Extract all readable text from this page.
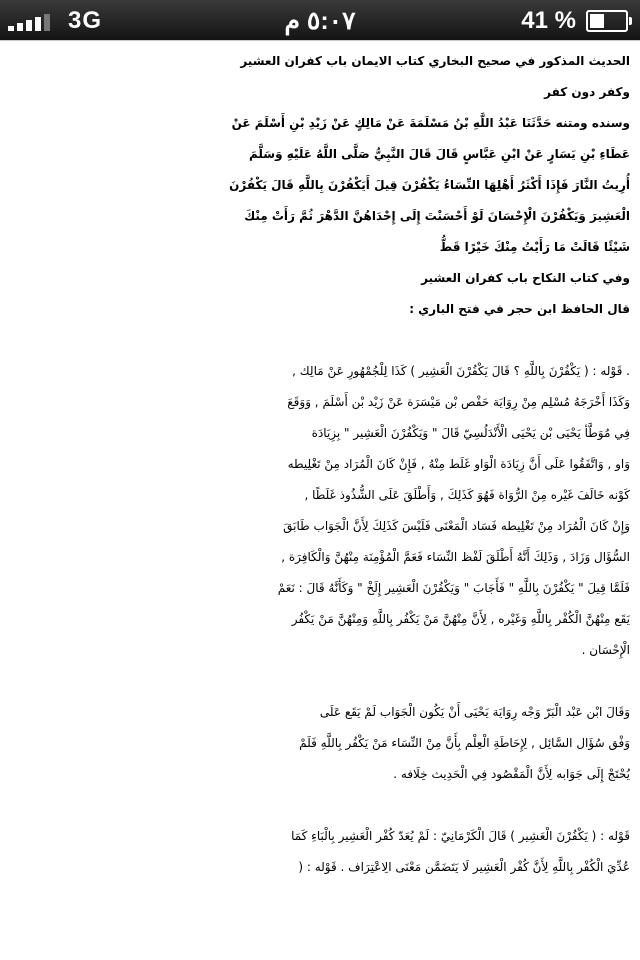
3G	٥:٠٧ م	41 %
الحديث المذكور في صحيح البخاري كتاب الايمان باب كفران العشير
وكفر دون كفر
وسنده ومتنه حَدَّثَنَا عَبْدُ اللَّهِ بْنُ مَسْلَمَةَ عَنْ مَالِكٍ عَنْ زَيْدِ بْنِ أَسْلَمَ عَنْ
عَطَاءِ بْنِ يَسَارٍ عَنْ ابْنِ عَبَّاسٍ قَالَ قَالَ النَّبِيُّ صَلَّى اللَّهُ عَلَيْهِ وَسَلَّمَ
أُرِيتُ النَّارَ فَإِذَا أَكْثَرُ أَهْلِهَا النِّسَاءُ يَكْفُرْنَ قِيلَ أَيَكْفُرْنَ بِاللَّهِ قَالَ يَكْفُرْنَ
الْعَشِيرَ وَيَكْفُرْنَ الْإِحْسَانَ لَوْ أَحْسَنْتَ إِلَى إِحْدَاهُنَّ الدَّهْرَ ثُمَّ رَأَتْ مِنْكَ
شَيْئًا قَالَتْ مَا رَأَيْتُ مِنْكَ خَيْرًا قَطُّ
وفي كتاب النكاح باب كفران العشير
قال الحافظ ابن حجر في فتح الباري :
. قَوْله : ( يَكْفُرْنَ بِاللَّهِ ؟ قَالَ يَكْفُرْنَ الْعَشِير ) كَذَا لِلْجُمْهُورِ عَنْ مَالِك ,
وَكَذَا أَخْرَجَهُ مُسْلِم مِنْ رِوَايَة حَفْص بْن مَيْسَرَة عَنْ زَيْد بْن أَسْلَمَ , وَوَقَعَ
فِي مُوَطَّأ يَحْيَى بْن يَحْيَى الْأَنْدَلُسِيّ قَالَ " وَيَكْفُرْنَ الْعَشِير " بِزِيَادَة
وَاو , وَاتَّفَقُوا عَلَى أَنَّ زِيَادَة الْوَاو غَلَط مِنْهُ , فَإِنْ كَانَ الْمُرَاد مِنْ تَغْلِيطه
كَوْنه خَالَفَ غَيْره مِنْ الرُّوَاة فَهُوَ كَذَلِكَ , وَأَطْلَقَ عَلَى الشُّذُوذ غَلَطًا ,
وَإِنْ كَانَ الْمُرَاد مِنْ تَغْلِيطه فَسَاد الْمَعْنَى فَلَيْسَ كَذَلِكَ لِأَنَّ الْجَوَاب طَابَقَ
السُّؤَال وَزَادَ , وَذَلِكَ أَنَّهُ أَطْلَقَ لَفْظ النِّسَاء فَعَمَّ الْمُؤْمِنَة مِنْهُنَّ وَالْكَافِرَة ,
فَلَمَّا قِيلَ " يَكْفُرْنَ بِاللَّهِ " فَأَجَابَ " وَيَكْفُرْنَ الْعَشِير إِلَخْ " وَكَأَنَّهُ قَالَ : نَعَمْ
يَقَع مِنْهُنَّ الْكُفْر بِاللَّهِ وَغَيْره , لِأَنَّ مِنْهُنَّ مَنْ يَكْفُر بِاللَّهِ وَمِنْهُنَّ مَنْ يَكْفُر
الْإِحْسَان .
وَقَالَ ابْن عَبْد الْبَرّ وَجْه رِوَايَة يَحْيَى أَنْ يَكُون الْجَوَاب لَمْ يَقَع عَلَى
وَفْق سُؤَال السَّائِل , لِإِحَاطَةِ الْعِلْم بِأَنَّ مِنْ النِّسَاء مَنْ يَكْفُر بِاللَّهِ فَلَمْ
يُحْتَجْ إِلَى جَوَابه لِأَنَّ الْمَقْصُود فِي الْحَدِيث خِلَافه .
قَوْله : ( يَكْفُرْنَ الْعَشِير ) قَالَ الْكَرْمَانِيّ : لَمْ يُعَدّ كُفْر الْعَشِير بِالْبَاءِ كَمَا
عُدِّيَ الْكُفْر بِاللَّهِ لِأَنَّ كُفْر الْعَشِير لَا يَتَضَمَّن مَعْنَى الِاعْتِرَاف . قَوْله : (
